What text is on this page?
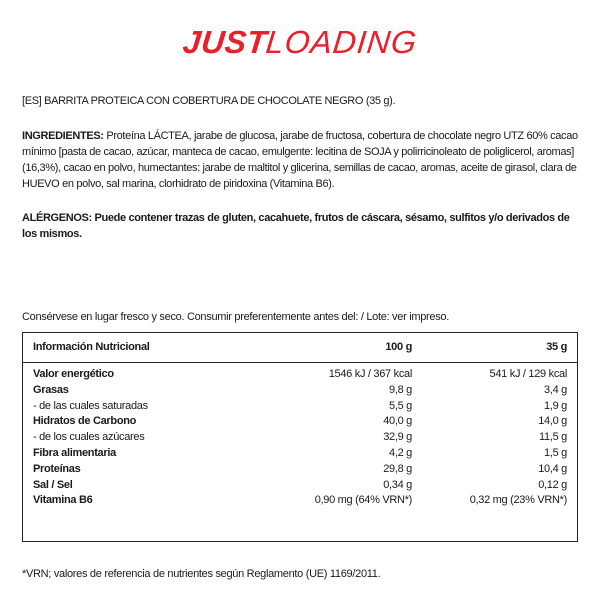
JUST
LOADING
[ES] BARRITA PROTEICA CON COBERTURA DE CHOCOLATE NEGRO (35 g).
INGREDIENTES: Proteína LÁCTEA, jarabe de glucosa, jarabe de fructosa, cobertura de chocolate negro UTZ 60% cacao mínimo [pasta de cacao, azúcar, manteca de cacao, emulgente: lecitina de SOJA y polirricinoleato de poliglicerol, aromas] (16,3%), cacao en polvo, humectantes: jarabe de maltitol y glicerina, semillas de cacao, aromas, aceite de girasol, clara de HUEVO en polvo, sal marina, clorhidrato de piridoxina (Vitamina B6).
ALÉRGENOS: Puede contener trazas de gluten, cacahuete, frutos de cáscara, sésamo, sulfitos y/o derivados de los mismos.
Consérvese en lugar fresco y seco. Consumir preferentemente antes del: / Lote: ver impreso.
Información Nutricional	100 g	35 g
Valor energético	1546 kJ / 367 kcal	541 kJ / 129 kcal
Grasas	9,8 g	3,4 g
- de las cuales saturadas	5,5 g	1,9 g
Hidratos de Carbono	40,0 g	14,0 g
- de los cuales azúcares	32,9 g	11,5 g
Fibra alimentaria	4,2 g	1,5 g
Proteínas	29,8 g	10,4 g
Sal / Sel	0,34 g	0,12 g
Vitamina B6	0,90 mg (64% VRN*)	0,32 mg (23% VRN*)
*VRN; valores de referencia de nutrientes según Reglamento (UE) 1169/2011.
